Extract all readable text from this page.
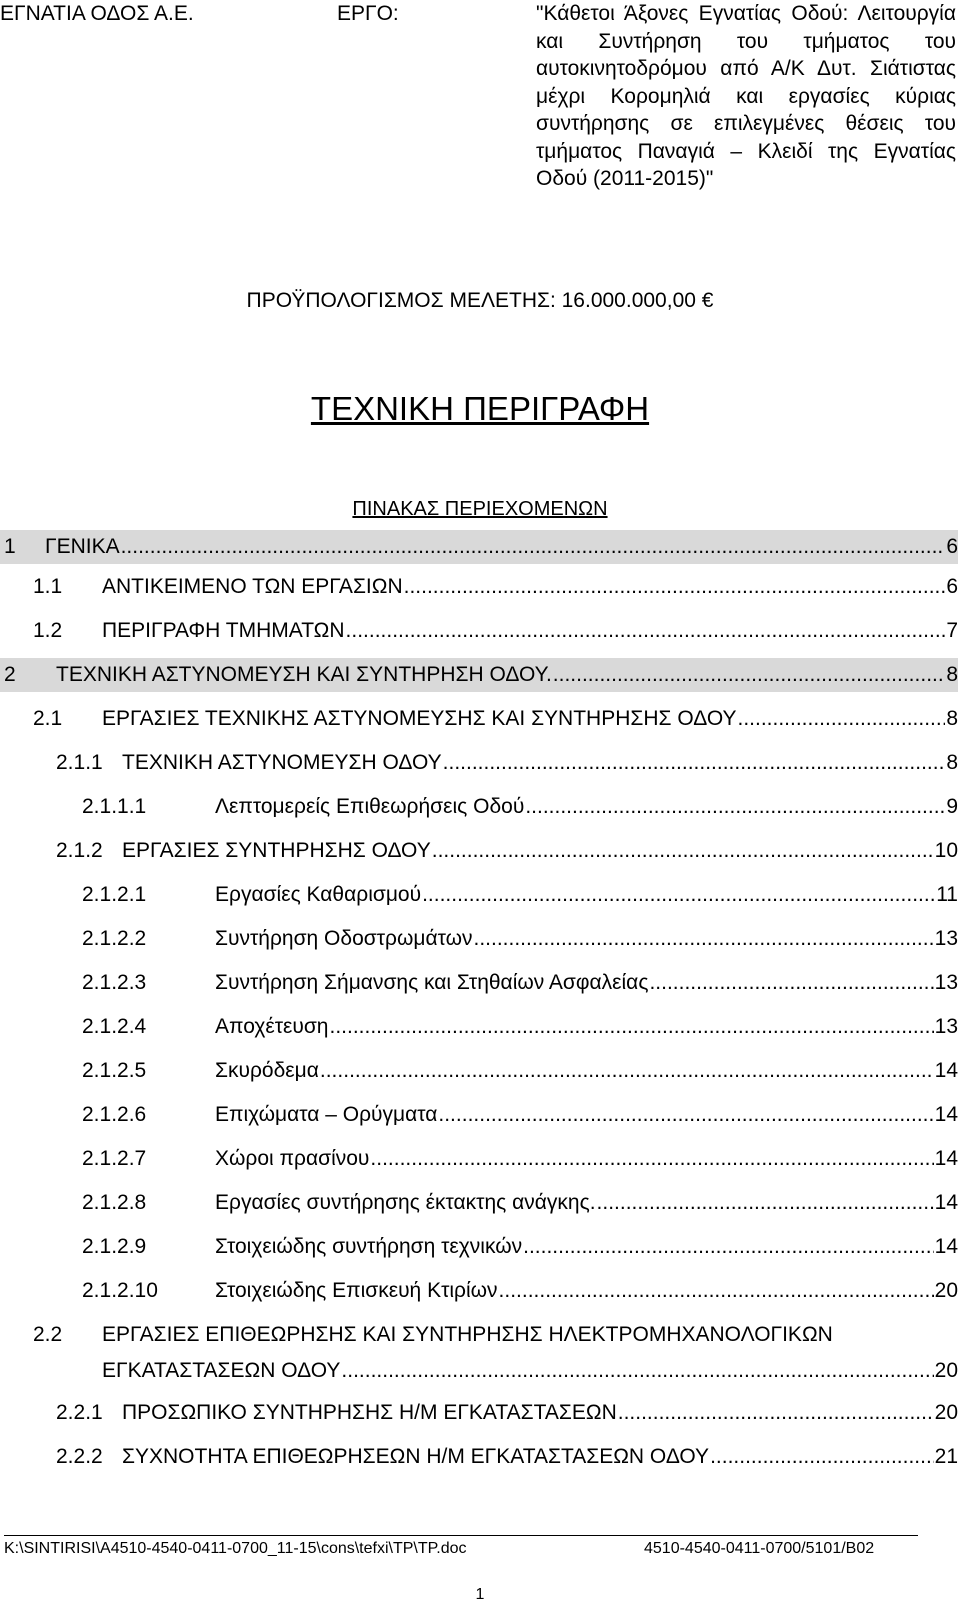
ΕΓΝΑΤΙΑ ΟΔΟΣ Α.Ε.	ΕΡΓΟ:	"Κάθετοι Άξονες Εγνατίας Οδού: Λειτουργία και Συντήρηση του τμήματος του αυτοκινητοδρόμου από Α/Κ Δυτ. Σιάτιστας μέχρι Κορομηλιά και εργασίες κύριας συντήρησης σε επιλεγμένες θέσεις του τμήματος Παναγιά – Κλειδί της Εγνατίας Οδού (2011-2015)"
ΠΡΟΫΠΟΛΟΓΙΣΜΟΣ ΜΕΛΕΤΗΣ: 16.000.000,00 €
ΤΕΧΝΙΚΗ ΠΕΡΙΓΡΑΦΗ
ΠΙΝΑΚΑΣ ΠΕΡΙΕΧΟΜΕΝΩΝ
1 ΓΕΝΙΚΑ .....	6
1.1 ΑΝΤΙΚΕΙΜΕΝΟ ΤΩΝ ΕΡΓΑΣΙΩΝ .....	6
1.2 ΠΕΡΙΓΡΑΦΗ ΤΜΗΜΑΤΩΝ .....	7
2 ΤΕΧΝΙΚΗ ΑΣΤΥΝΟΜΕΥΣΗ ΚΑΙ ΣΥΝΤΗΡΗΣΗ ΟΔΟΥ. .....	8
2.1 ΕΡΓΑΣΙΕΣ ΤΕΧΝΙΚΗΣ ΑΣΤΥΝΟΜΕΥΣΗΣ ΚΑΙ ΣΥΝΤΗΡΗΣΗΣ ΟΔΟΥ .....	8
2.1.1 ΤΕΧΝΙΚΗ ΑΣΤΥΝΟΜΕΥΣΗ ΟΔΟΥ .....	8
2.1.1.1	Λεπτομερείς Επιθεωρήσεις Οδού .....	9
2.1.2 ΕΡΓΑΣΙΕΣ ΣΥΝΤΗΡΗΣΗΣ ΟΔΟΥ .....	10
2.1.2.1	Εργασίες Καθαρισμού .....	11
2.1.2.2	Συντήρηση Οδοστρωμάτων .....	13
2.1.2.3	Συντήρηση Σήμανσης και Στηθαίων Ασφαλείας .....	13
2.1.2.4	Αποχέτευση .....	13
2.1.2.5	Σκυρόδεμα .....	14
2.1.2.6	Επιχώματα – Ορύγματα .....	14
2.1.2.7	Χώροι πρασίνου .....	14
2.1.2.8	Εργασίες συντήρησης έκτακτης ανάγκης. .....	14
2.1.2.9	Στοιχειώδης συντήρηση τεχνικών .....	14
2.1.2.10	Στοιχειώδης Επισκευή Κτιρίων .....	20
2.2 ΕΡΓΑΣΙΕΣ ΕΠΙΘΕΩΡΗΣΗΣ ΚΑΙ ΣΥΝΤΗΡΗΣΗΣ ΗΛΕΚΤΡΟΜΗΧΑΝΟΛΟΓΙΚΩΝ
ΕΓΚΑΤΑΣΤΑΣΕΩΝ ΟΔΟΥ .....	20
2.2.1 ΠΡΟΣΩΠΙΚΟ ΣΥΝΤΗΡΗΣΗΣ Η/Μ ΕΓΚΑΤΑΣΤΑΣΕΩΝ .....	20
2.2.2 ΣΥΧΝΟΤΗΤΑ ΕΠΙΘΕΩΡΗΣΕΩΝ Η/Μ ΕΓΚΑΤΑΣΤΑΣΕΩΝ ΟΔΟΥ .....	21
K:\SINTIRISI\A4510-4540-0411-0700_11-15\cons\tefxi\TP\TP.doc	4510-4540-0411-0700/5101/B02
1
